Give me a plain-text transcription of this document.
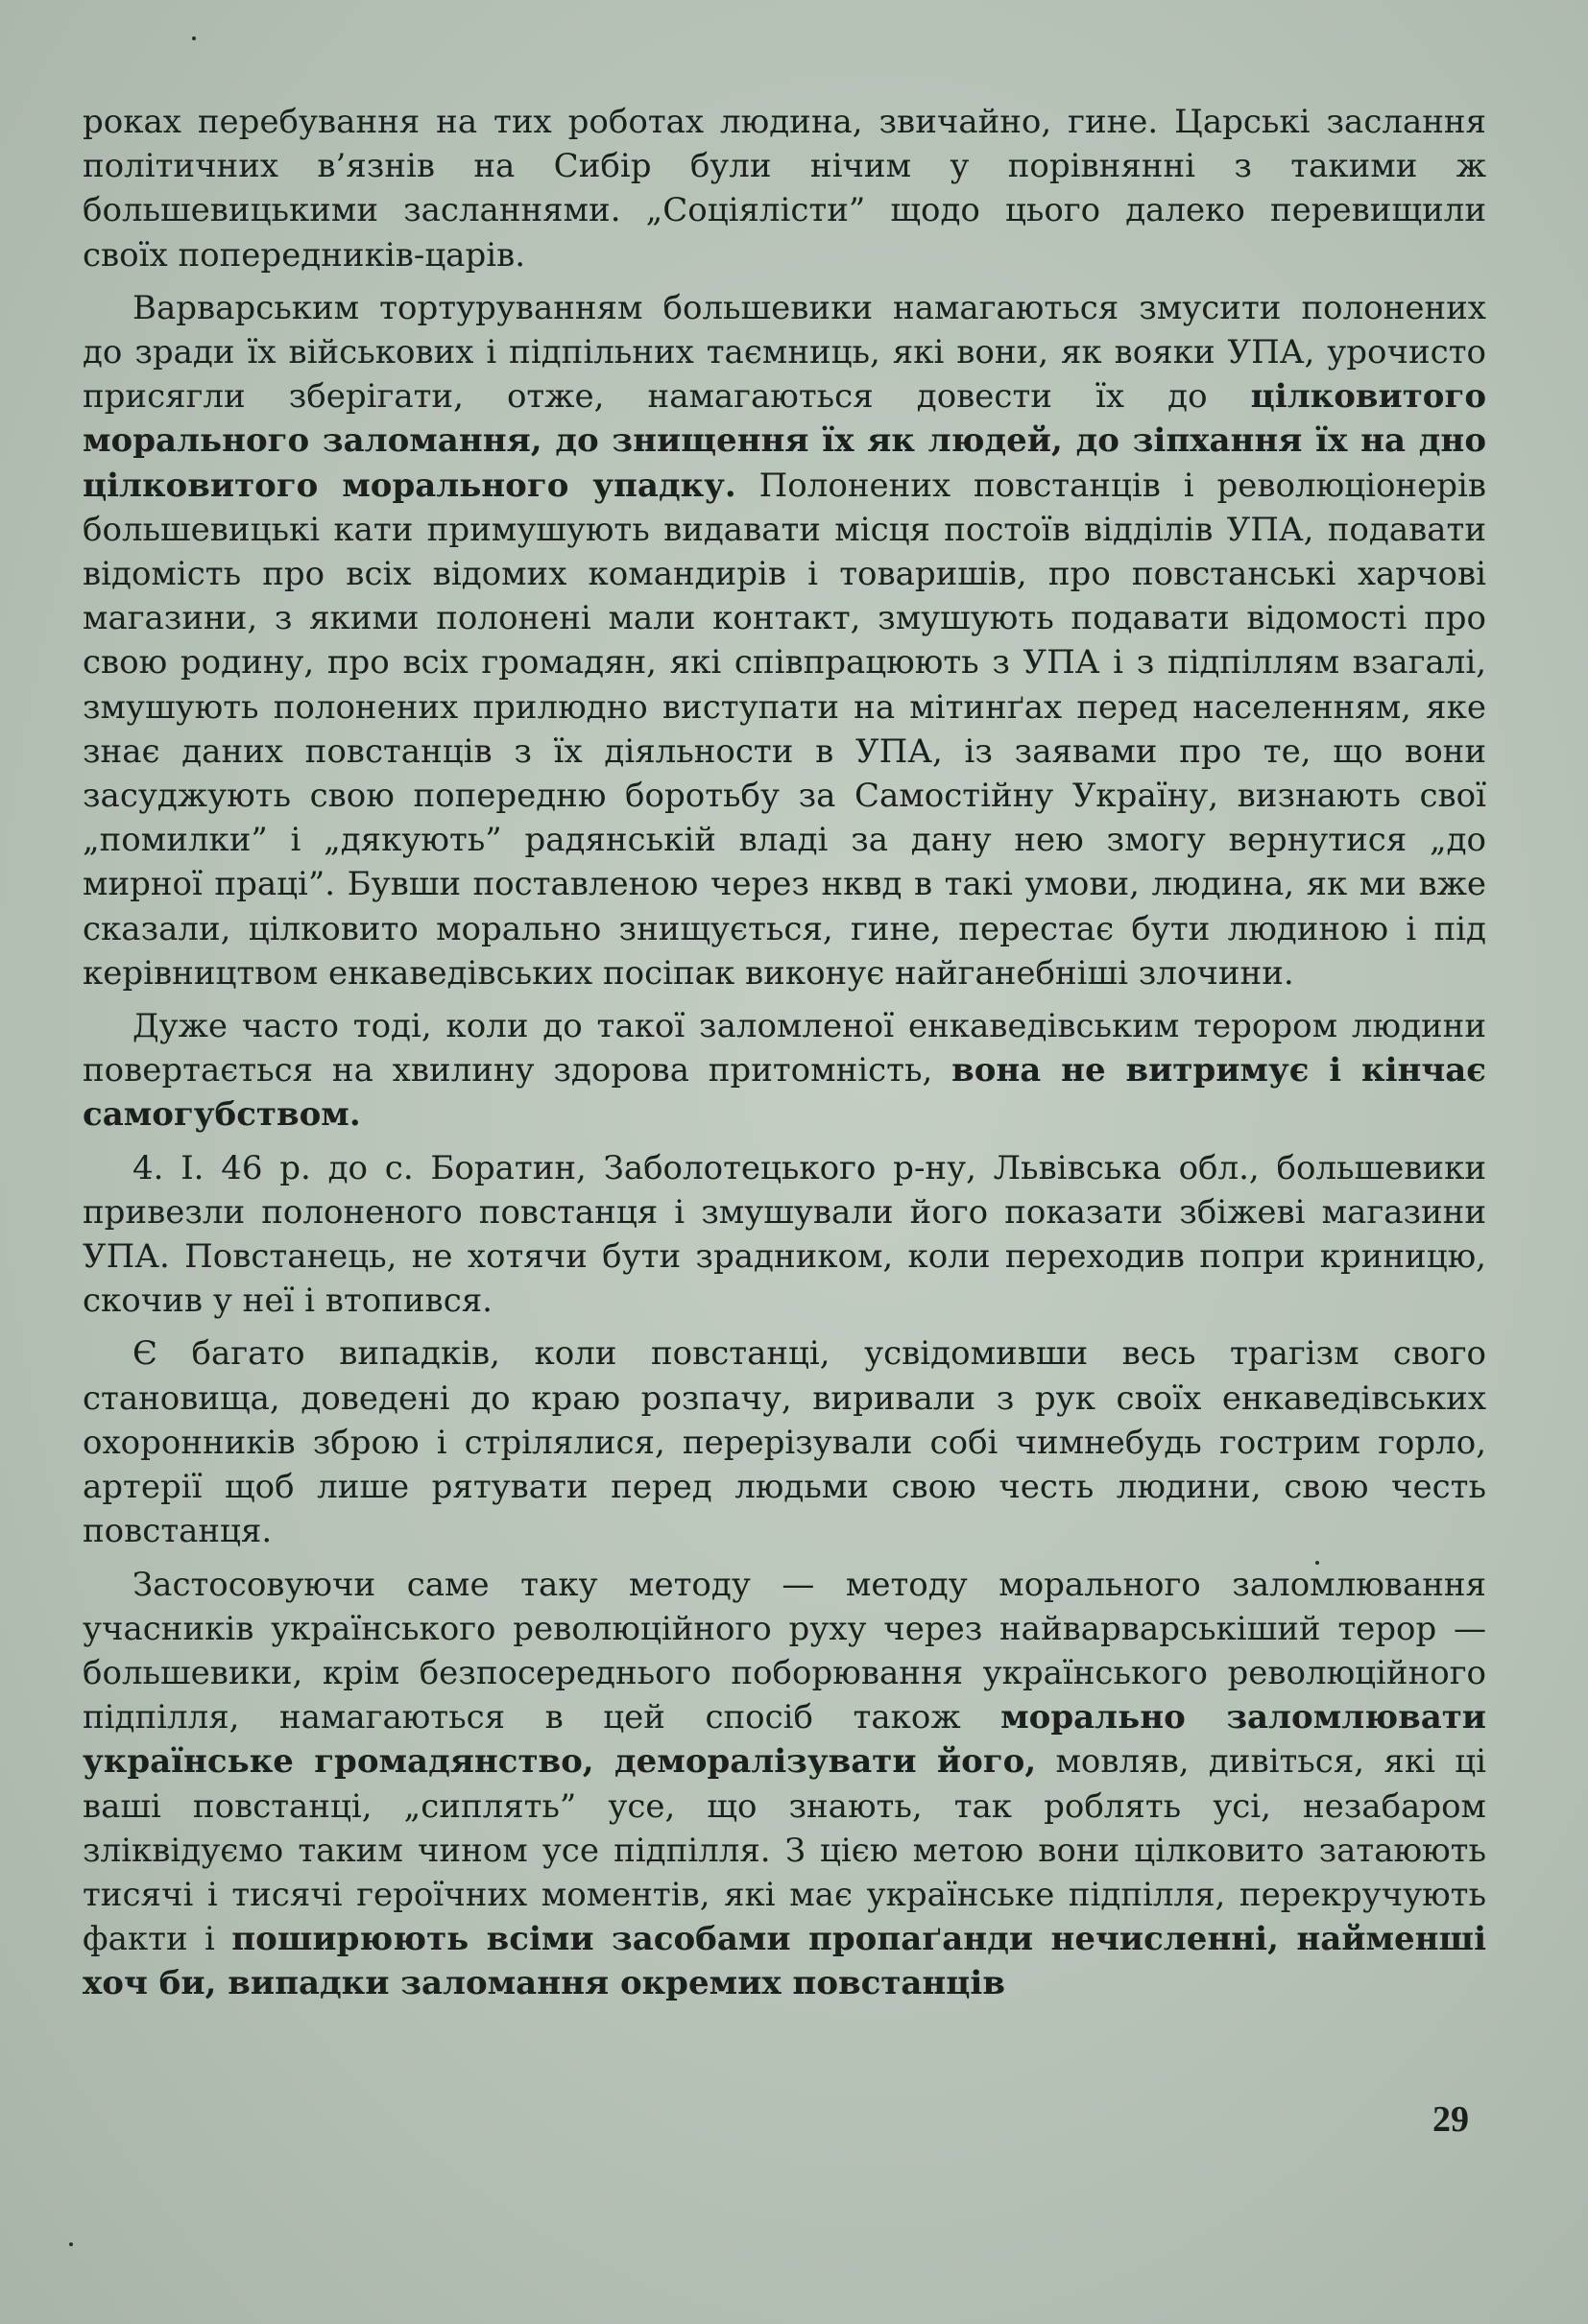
роках перебування на тих роботах людина, звичайно, гине. Царські заслання політичних в’язнів на Сибір були нічим у порівнянні з такими ж большевицькими засланнями. „Соціялісти” щодо цього далеко перевищили своїх попередників-царів.

Варварським тортуруванням большевики намагаються змусити полонених до зради їх військових і підпільних таємниць, які вони, як вояки УПА, урочисто присягли зберігати, отже, намагаються довести їх до цілковитого морального заломання, до знищення їх як людей, до зіпхання їх на дно цілковитого морального упадку. Полонених повстанців і революціонерів большевицькі кати примушують видавати місця постоїв відділів УПА, подавати відомість про всіх відомих командирів і товаришів, про повстанські харчові магазини, з якими полонені мали контакт, змушують подавати відомості про свою родину, про всіх громадян, які співпрацюють з УПА і з підпіллям взагалі, змушують полонених прилюдно виступати на мітинґах перед населенням, яке знає даних повстанців з їх діяльности в УПА, із заявами про те, що вони засуджують свою попередню боротьбу за Самостійну Україну, визнають свої „помилки” і „дякують” радянській владі за дану нею змогу вернутися „до мирної праці”. Бувши поставленою через нквд в такі умови, людина, як ми вже сказали, цілковито морально знищується, гине, перестає бути людиною і під керівництвом енкаведівських посіпак виконує найганебніші злочини.

Дуже часто тоді, коли до такої заломленої енкаведівським терором людини повертається на хвилину здорова притомність, вона не витримує і кінчає самогубством.

4. І. 46 р. до с. Боратин, Заболотецького р-ну, Львівська обл., большевики привезли полоненого повстанця і змушували його показати збіжеві магазини УПА. Повстанець, не хотячи бути зрадником, коли переходив попри криницю, скочив у неї і втопився.

Є багато випадків, коли повстанці, усвідомивши весь трагізм свого становища, доведені до краю розпачу, виривали з рук своїх енкаведівських охоронників зброю і стрілялися, перерізували собі чимнебудь гострим горло, артерії щоб лише рятувати перед людьми свою честь людини, свою честь повстанця.

Застосовуючи саме таку методу — методу морального заломлювання учасників українського революційного руху через найварварськіший терор — большевики, крім безпосереднього поборювання українського революційного підпілля, намагаються в цей спосіб також морально заломлювати українське громадянство, деморалізувати його, мовляв, дивіться, які ці ваші повстанці, „сиплять” усе, що знають, так роблять усі, незабаром зліквідуємо таким чином усе підпілля. З цією метою вони цілковито затаюють тисячі і тисячі героїчних моментів, які має українське підпілля, перекручують факти і поширюють всіми засобами пропаґанди нечисленні, найменші хоч би, випадки заломання окремих повстанців

29
